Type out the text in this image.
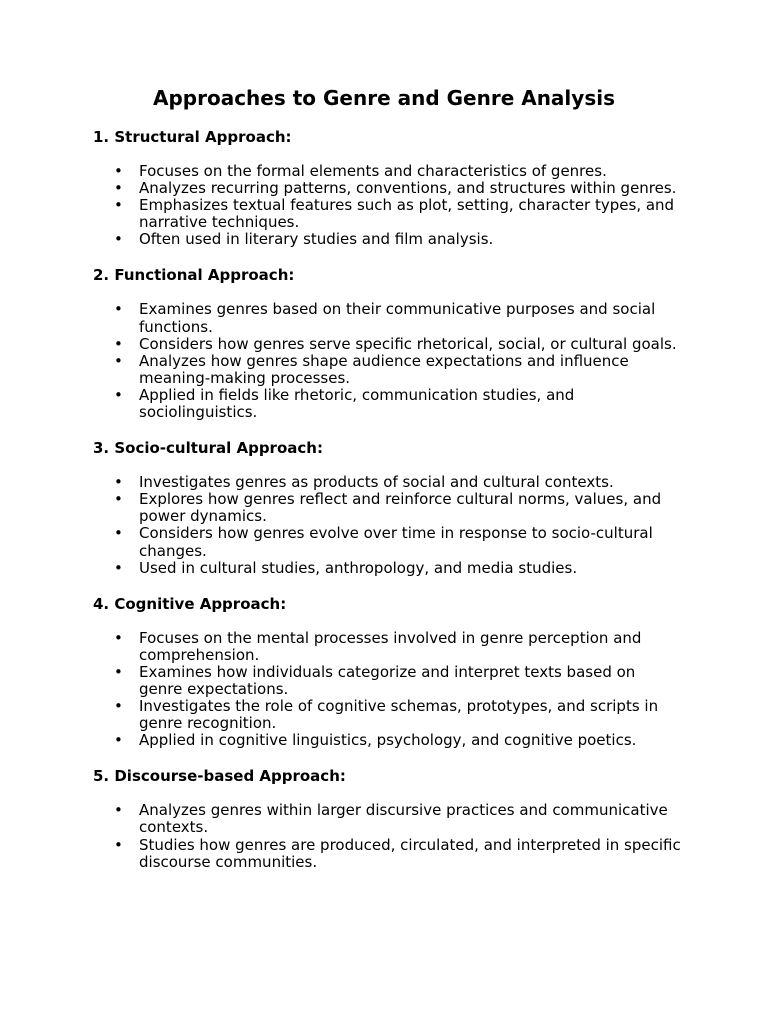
Approaches to Genre and Genre Analysis
1. Structural Approach:
• Focuses on the formal elements and characteristics of genres.
• Analyzes recurring patterns, conventions, and structures within genres.
• Emphasizes textual features such as plot, setting, character types, and narrative techniques.
• Often used in literary studies and film analysis.
2. Functional Approach:
• Examines genres based on their communicative purposes and social functions.
• Considers how genres serve specific rhetorical, social, or cultural goals.
• Analyzes how genres shape audience expectations and influence meaning-making processes.
• Applied in fields like rhetoric, communication studies, and sociolinguistics.
3. Socio-cultural Approach:
• Investigates genres as products of social and cultural contexts.
• Explores how genres reflect and reinforce cultural norms, values, and power dynamics.
• Considers how genres evolve over time in response to socio-cultural changes.
• Used in cultural studies, anthropology, and media studies.
4. Cognitive Approach:
• Focuses on the mental processes involved in genre perception and comprehension.
• Examines how individuals categorize and interpret texts based on genre expectations.
• Investigates the role of cognitive schemas, prototypes, and scripts in genre recognition.
• Applied in cognitive linguistics, psychology, and cognitive poetics.
5. Discourse-based Approach:
• Analyzes genres within larger discursive practices and communicative contexts.
• Studies how genres are produced, circulated, and interpreted in specific discourse communities.
